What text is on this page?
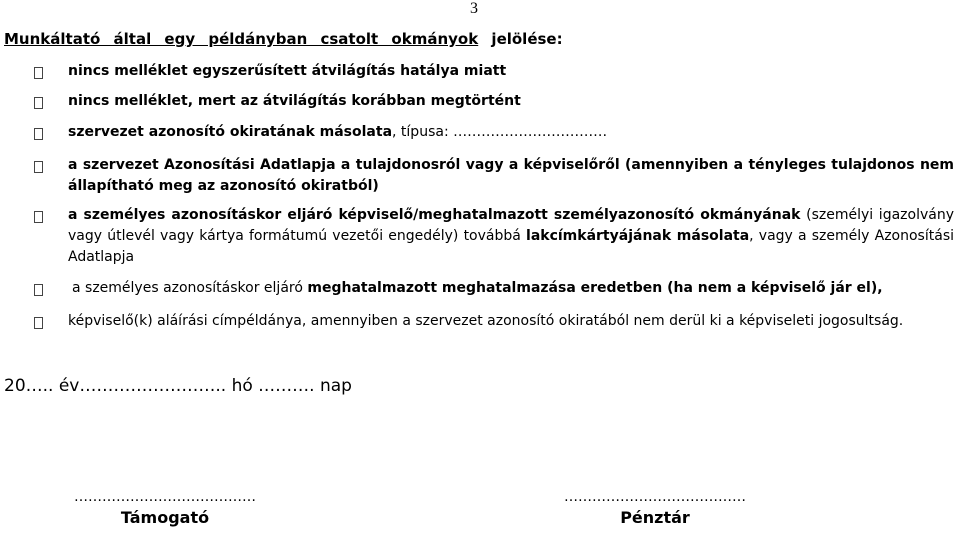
3
Munkáltató által egy példányban csatolt okmányok jelölése:
nincs melléklet egyszerűsített átvilágítás hatálya miatt
nincs melléklet, mert az átvilágítás korábban megtörtént
szervezet azonosító okiratának másolata, típusa: ……………………………
a szervezet Azonosítási Adatlapja a tulajdonosról vagy a képviselőről (amennyiben a tényleges tulajdonos nem állapítható meg az azonosító okiratból)
a személyes azonosításkor eljáró képviselő/meghatalmazott személyazonosító okmányának (személyi igazolvány vagy útlevél vagy kártya formátumú vezetői engedély) továbbá lakcímkártyájának másolata, vagy a személy Azonosítási Adatlapja
a személyes azonosításkor eljáró meghatalmazott meghatalmazása eredetben (ha nem a képviselő jár el),
képviselő(k) aláírási címpéldánya, amennyiben a szervezet azonosító okiratából nem derül ki a képviseleti jogosultság.
20….. év…………………….. hó ………. nap
…………………………………
Támogató
…………………………………
Pénztár
